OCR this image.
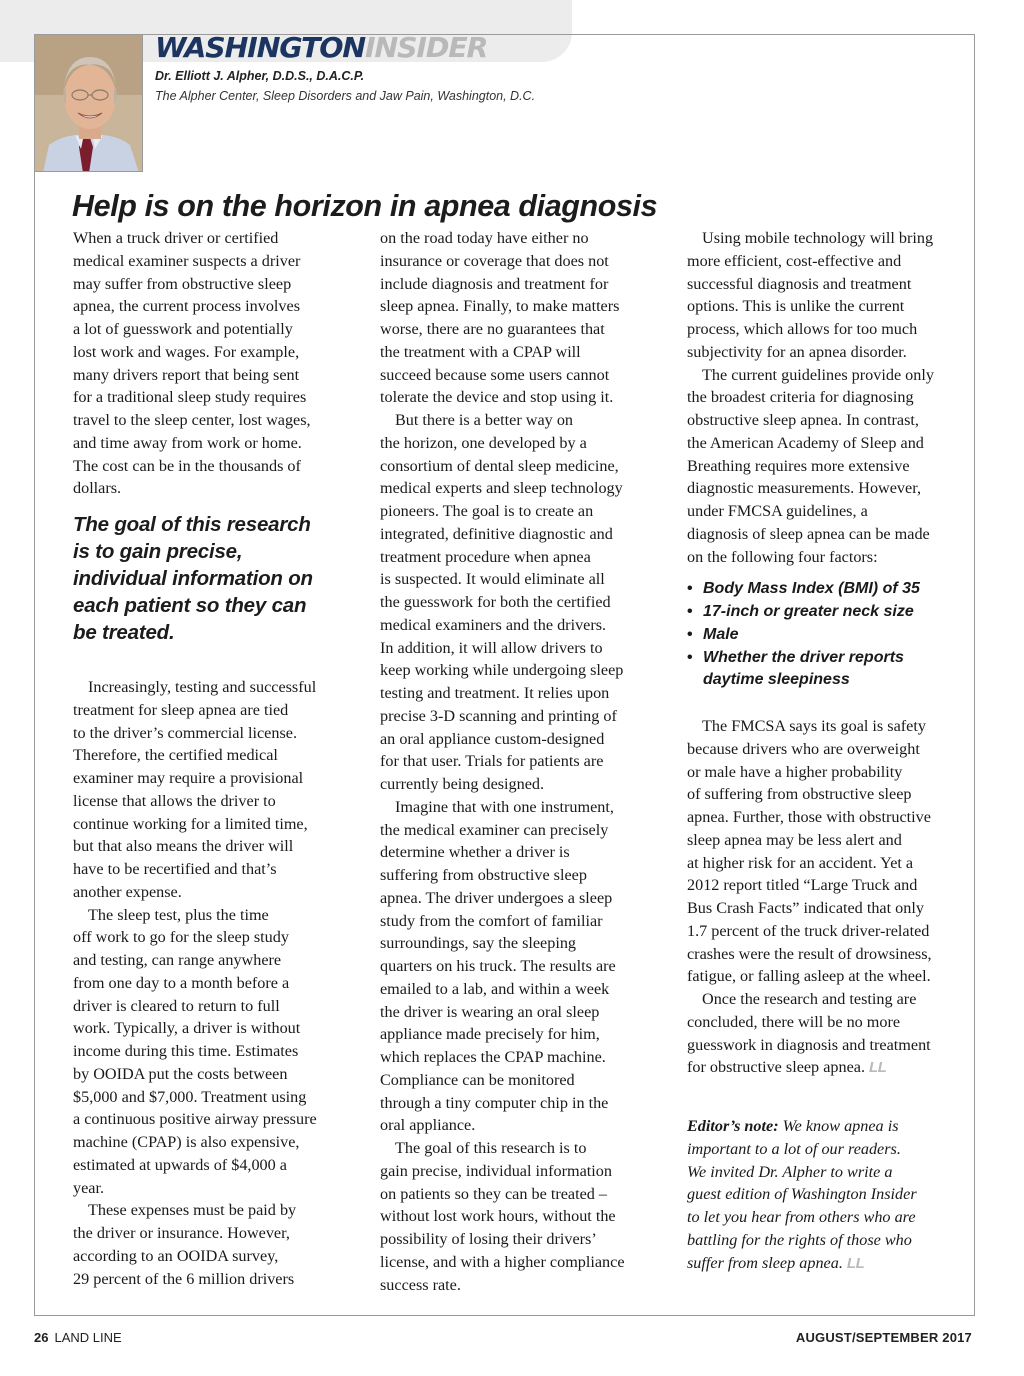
WASHINGTONINSIDER
Dr. Elliott J. Alpher, D.D.S., D.A.C.P.
The Alpher Center, Sleep Disorders and Jaw Pain, Washington, D.C.
Help is on the horizon in apnea diagnosis
When a truck driver or certified
medical examiner suspects a driver
may suffer from obstructive sleep
apnea, the current process involves
a lot of guesswork and potentially
lost work and wages. For example,
many drivers report that being sent
for a traditional sleep study requires
travel to the sleep center, lost wages,
and time away from work or home.
The cost can be in the thousands of
dollars.
The goal of this research
is to gain precise,
individual information on
each patient so they can
be treated.
Increasingly, testing and successful
treatment for sleep apnea are tied
to the driver’s commercial license.
Therefore, the certified medical
examiner may require a provisional
license that allows the driver to
continue working for a limited time,
but that also means the driver will
have to be recertified and that’s
another expense.
The sleep test, plus the time
off work to go for the sleep study
and testing, can range anywhere
from one day to a month before a
driver is cleared to return to full
work. Typically, a driver is without
income during this time. Estimates
by OOIDA put the costs between
$5,000 and $7,000. Treatment using
a continuous positive airway pressure
machine (CPAP) is also expensive,
estimated at upwards of $4,000 a
year.
These expenses must be paid by
the driver or insurance. However,
according to an OOIDA survey,
29 percent of the 6 million drivers
on the road today have either no
insurance or coverage that does not
include diagnosis and treatment for
sleep apnea. Finally, to make matters
worse, there are no guarantees that
the treatment with a CPAP will
succeed because some users cannot
tolerate the device and stop using it.
But there is a better way on
the horizon, one developed by a
consortium of dental sleep medicine,
medical experts and sleep technology
pioneers. The goal is to create an
integrated, definitive diagnostic and
treatment procedure when apnea
is suspected. It would eliminate all
the guesswork for both the certified
medical examiners and the drivers.
In addition, it will allow drivers to
keep working while undergoing sleep
testing and treatment. It relies upon
precise 3-D scanning and printing of
an oral appliance custom-designed
for that user. Trials for patients are
currently being designed.
Imagine that with one instrument,
the medical examiner can precisely
determine whether a driver is
suffering from obstructive sleep
apnea. The driver undergoes a sleep
study from the comfort of familiar
surroundings, say the sleeping
quarters on his truck. The results are
emailed to a lab, and within a week
the driver is wearing an oral sleep
appliance made precisely for him,
which replaces the CPAP machine.
Compliance can be monitored
through a tiny computer chip in the
oral appliance.
The goal of this research is to
gain precise, individual information
on patients so they can be treated –
without lost work hours, without the
possibility of losing their drivers’
license, and with a higher compliance
success rate.
Using mobile technology will bring
more efficient, cost-effective and
successful diagnosis and treatment
options. This is unlike the current
process, which allows for too much
subjectivity for an apnea disorder.
The current guidelines provide only
the broadest criteria for diagnosing
obstructive sleep apnea. In contrast,
the American Academy of Sleep and
Breathing requires more extensive
diagnostic measurements. However,
under FMCSA guidelines, a
diagnosis of sleep apnea can be made
on the following four factors:
• Body Mass Index (BMI) of 35
• 17-inch or greater neck size
• Male
• Whether the driver reports
daytime sleepiness
The FMCSA says its goal is safety
because drivers who are overweight
or male have a higher probability
of suffering from obstructive sleep
apnea. Further, those with obstructive
sleep apnea may be less alert and
at higher risk for an accident. Yet a
2012 report titled “Large Truck and
Bus Crash Facts” indicated that only
1.7 percent of the truck driver-related
crashes were the result of drowsiness,
fatigue, or falling asleep at the wheel.
Once the research and testing are
concluded, there will be no more
guesswork in diagnosis and treatment
for obstructive sleep apnea. LL
Editor’s note: We know apnea is
important to a lot of our readers.
We invited Dr. Alpher to write a
guest edition of Washington Insider
to let you hear from others who are
battling for the rights of those who
suffer from sleep apnea. LL
26 LAND LINE	AUGUST/SEPTEMBER 2017
